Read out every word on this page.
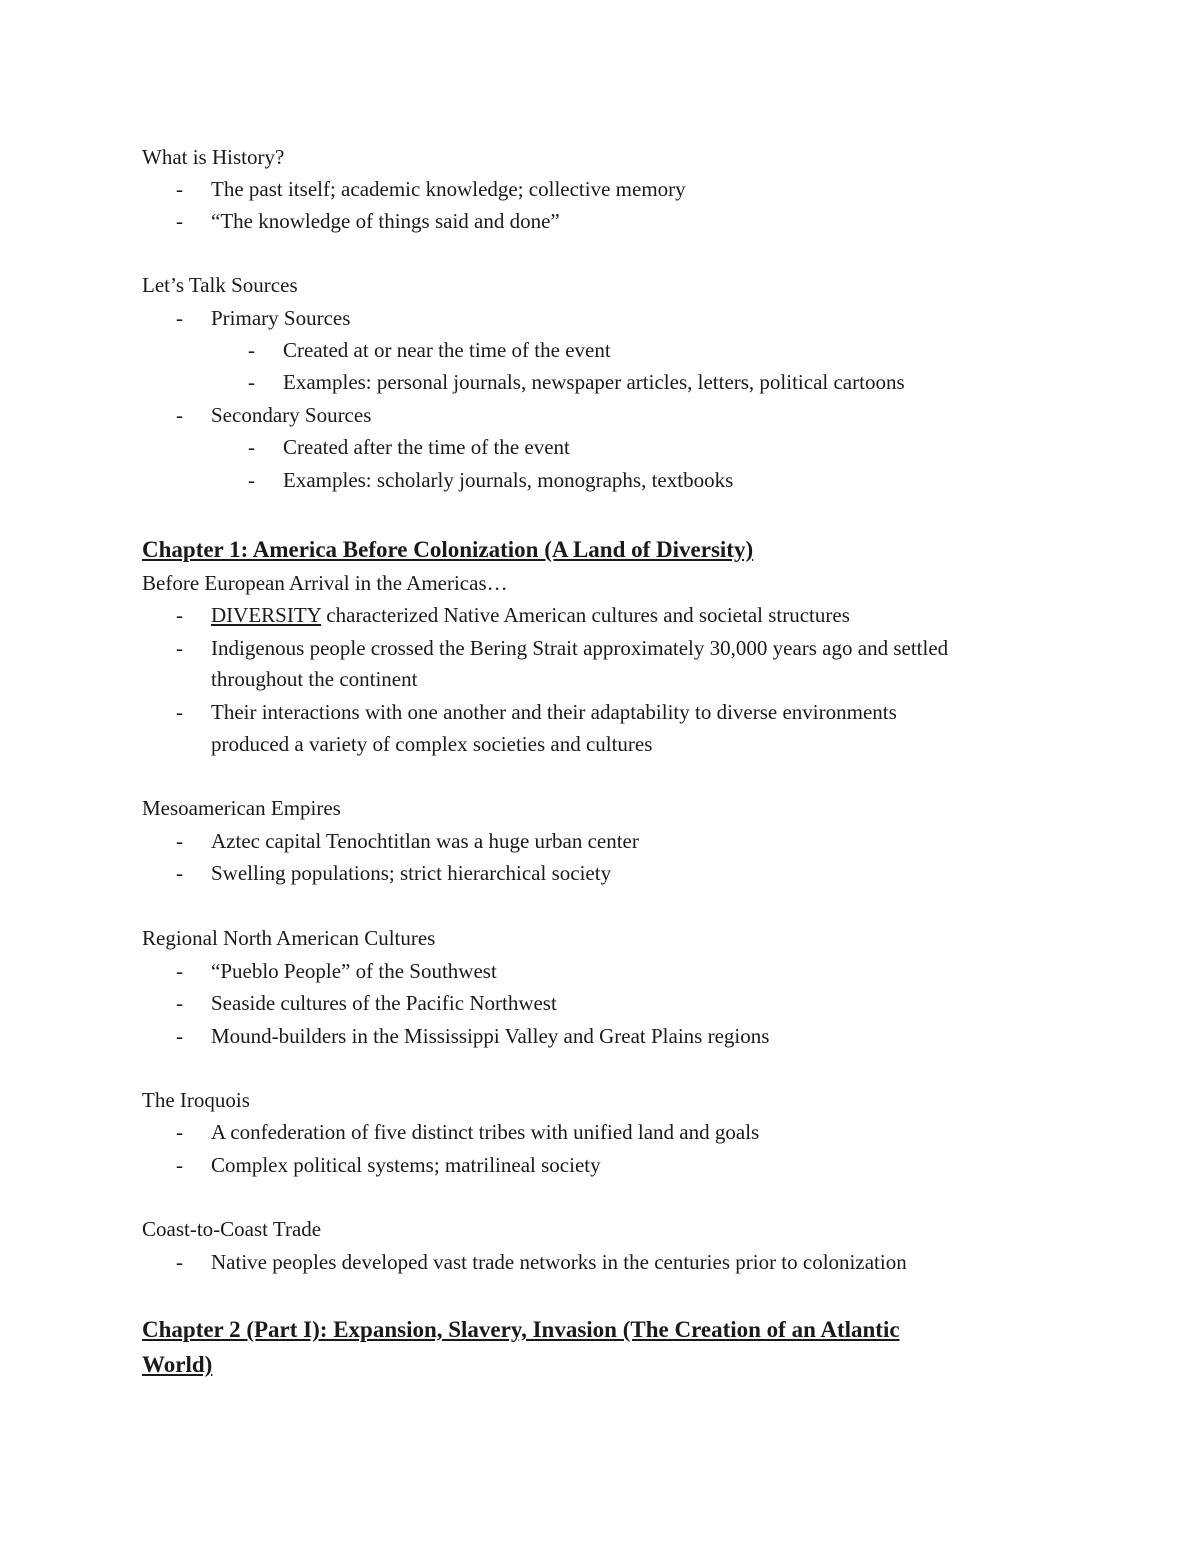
What is History?
- The past itself; academic knowledge; collective memory
- “The knowledge of things said and done”
Let’s Talk Sources
- Primary Sources
- Created at or near the time of the event
- Examples: personal journals, newspaper articles, letters, political cartoons
- Secondary Sources
- Created after the time of the event
- Examples: scholarly journals, monographs, textbooks
Chapter 1: America Before Colonization (A Land of Diversity)
Before European Arrival in the Americas…
- DIVERSITY characterized Native American cultures and societal structures
- Indigenous people crossed the Bering Strait approximately 30,000 years ago and settled
throughout the continent
- Their interactions with one another and their adaptability to diverse environments
produced a variety of complex societies and cultures
Mesoamerican Empires
- Aztec capital Tenochtitlan was a huge urban center
- Swelling populations; strict hierarchical society
Regional North American Cultures
- “Pueblo People” of the Southwest
- Seaside cultures of the Pacific Northwest
- Mound-builders in the Mississippi Valley and Great Plains regions
The Iroquois
- A confederation of five distinct tribes with unified land and goals
- Complex political systems; matrilineal society
Coast-to-Coast Trade
- Native peoples developed vast trade networks in the centuries prior to colonization
Chapter 2 (Part I): Expansion, Slavery, Invasion (The Creation of an Atlantic
World)
